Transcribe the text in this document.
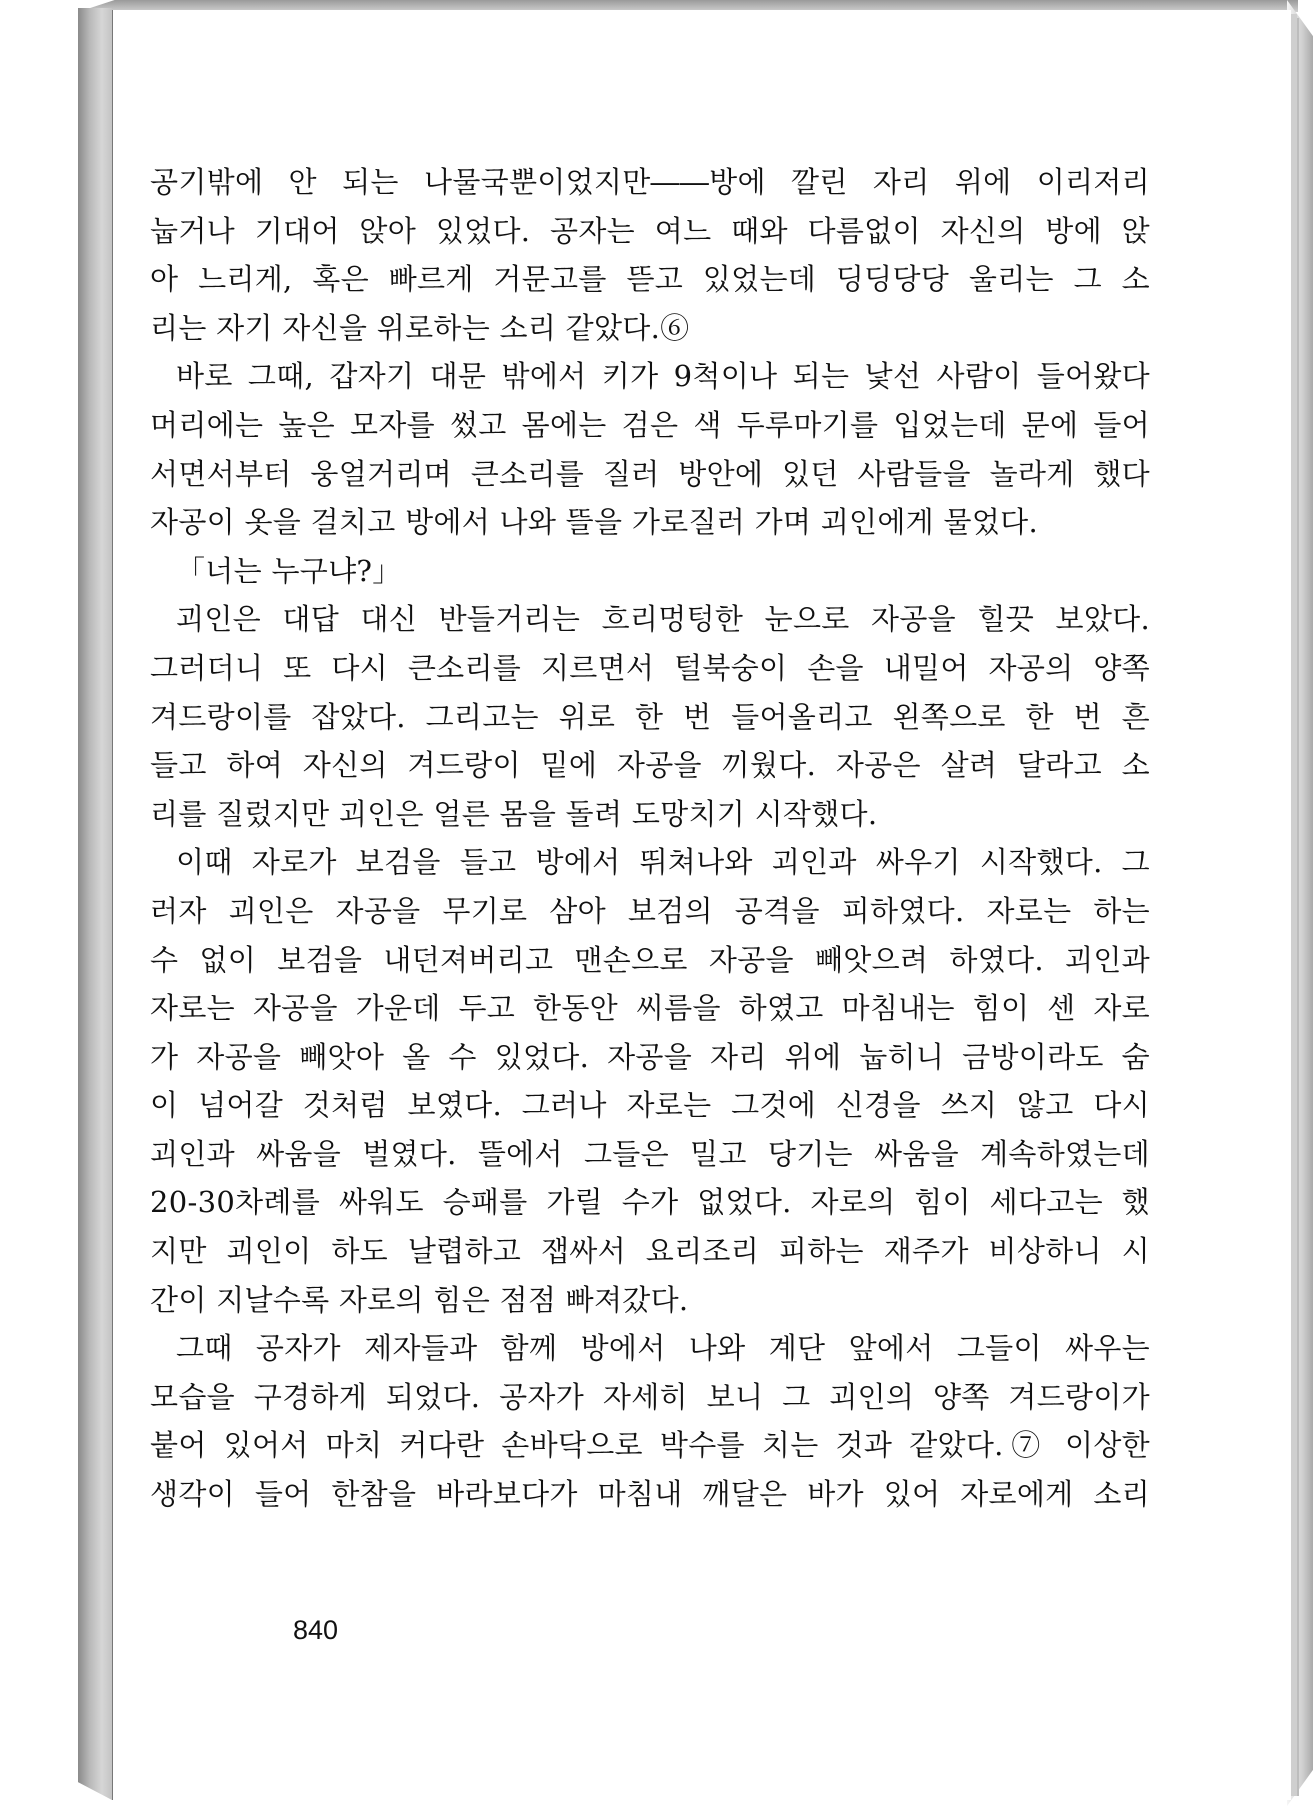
공기밖에 안 되는 나물국뿐이었지만――방에 깔린 자리 위에 이리저리
눕거나 기대어 앉아 있었다. 공자는 여느 때와 다름없이 자신의 방에 앉
아 느리게, 혹은 빠르게 거문고를 뜯고 있었는데 딩딩당당 울리는 그 소
리는 자기 자신을 위로하는 소리 같았다.⑥
바로 그때, 갑자기 대문 밖에서 키가 9척이나 되는 낯선 사람이 들어왔다
머리에는 높은 모자를 썼고 몸에는 검은 색 두루마기를 입었는데 문에 들어
서면서부터 웅얼거리며 큰소리를 질러 방안에 있던 사람들을 놀라게 했다
자공이 옷을 걸치고 방에서 나와 뜰을 가로질러 가며 괴인에게 물었다.
「너는 누구냐?」
괴인은 대답 대신 반들거리는 흐리멍텅한 눈으로 자공을 힐끗 보았다.
그러더니 또 다시 큰소리를 지르면서 털북숭이 손을 내밀어 자공의 양쪽
겨드랑이를 잡았다. 그리고는 위로 한 번 들어올리고 왼쪽으로 한 번 흔
들고 하여 자신의 겨드랑이 밑에 자공을 끼웠다. 자공은 살려 달라고 소
리를 질렀지만 괴인은 얼른 몸을 돌려 도망치기 시작했다.
이때 자로가 보검을 들고 방에서 뛰쳐나와 괴인과 싸우기 시작했다. 그
러자 괴인은 자공을 무기로 삼아 보검의 공격을 피하였다. 자로는 하는
수 없이 보검을 내던져버리고 맨손으로 자공을 빼앗으려 하였다. 괴인과
자로는 자공을 가운데 두고 한동안 씨름을 하였고 마침내는 힘이 센 자로
가 자공을 빼앗아 올 수 있었다. 자공을 자리 위에 눕히니 금방이라도 숨
이 넘어갈 것처럼 보였다. 그러나 자로는 그것에 신경을 쓰지 않고 다시
괴인과 싸움을 벌였다. 뜰에서 그들은 밀고 당기는 싸움을 계속하였는데
20-30차례를 싸워도 승패를 가릴 수가 없었다. 자로의 힘이 세다고는 했
지만 괴인이 하도 날렵하고 잽싸서 요리조리 피하는 재주가 비상하니 시
간이 지날수록 자로의 힘은 점점 빠져갔다.
그때 공자가 제자들과 함께 방에서 나와 계단 앞에서 그들이 싸우는
모습을 구경하게 되었다. 공자가 자세히 보니 그 괴인의 양쪽 겨드랑이가
붙어 있어서 마치 커다란 손바닥으로 박수를 치는 것과 같았다.⑦ 이상한
생각이 들어 한참을 바라보다가 마침내 깨달은 바가 있어 자로에게 소리
840
